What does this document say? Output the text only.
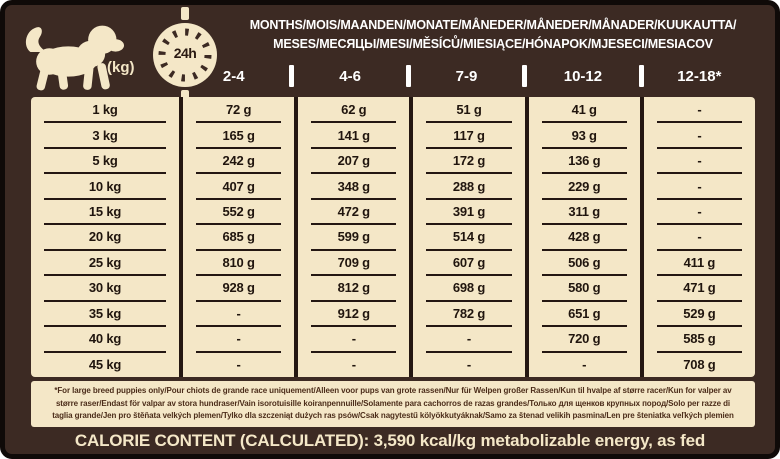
(kg)
24h
MONTHS/MOIS/MAANDEN/MONATE/MÅNEDER/MÅNEDER/MÅNADER/KUUKAUTTA/
MESES/МЕСЯЦЫ/MESI/MĚSÍCŮ/MIESIĄCE/HÓNAPOK/MJESECI/MESIACOV
2-4	4-6	7-9	10-12	12-18*
1 kg	72 g	62 g	51 g	41 g	-
3 kg	165 g	141 g	117 g	93 g	-
5 kg	242 g	207 g	172 g	136 g	-
10 kg	407 g	348 g	288 g	229 g	-
15 kg	552 g	472 g	391 g	311 g	-
20 kg	685 g	599 g	514 g	428 g	-
25 kg	810 g	709 g	607 g	506 g	411 g
30 kg	928 g	812 g	698 g	580 g	471 g
35 kg	-	912 g	782 g	651 g	529 g
40 kg	-	-	-	720 g	585 g
45 kg	-	-	-	-	708 g
*For large breed puppies only/Pour chiots de grande race uniquement/Alleen voor pups van grote rassen/Nur für Welpen großer Rassen/Kun til hvalpe af større racer/Kun for valper av
større raser/Endast för valpar av stora hundraser/Vain isorotuisille koiranpennuille/Solamente para cachorros de razas grandes/Только для щенков крупных пород/Solo per razze di
taglia grande/Jen pro štěňata velkých plemen/Tylko dla szczeniąt dużych ras psów/Csak nagytestű kölyökkutyáknak/Samo za štenad velikih pasmina/Len pre šteniatka veľkých plemien
CALORIE CONTENT (CALCULATED): 3,590 kcal/kg metabolizable energy, as fed
